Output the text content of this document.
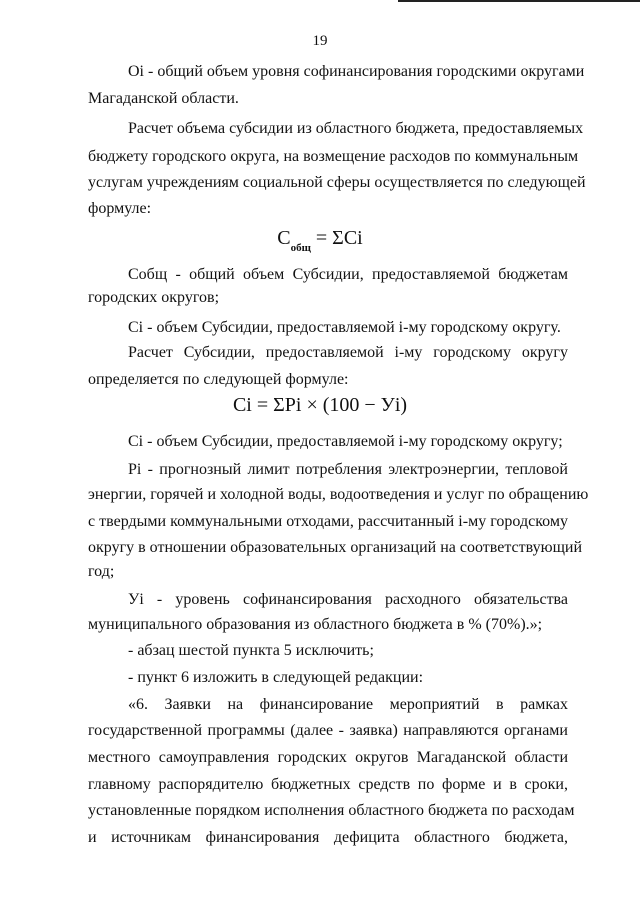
19
Oi - общий объем уровня софинансирования городскими округами
Магаданской области.
Расчет объема субсидии из областного бюджета, предоставляемых
бюджету городского округа, на возмещение расходов по коммунальным
услугам учреждениям социальной сферы осуществляется по следующей
формуле:
$C_{общ} = \Sigma Ci$
Собщ - общий объем Субсидии, предоставляемой бюджетам
городских округов;
Ci - объем Субсидии, предоставляемой i-му городскому округу.
Расчет Субсидии, предоставляемой i-му городскому округу
определяется по следующей формуле:
Ci = ΣPi × (100 − Уi)
Ci - объем Субсидии, предоставляемой i-му городскому округу;
Pi - прогнозный лимит потребления электроэнергии, тепловой
энергии, горячей и холодной воды, водоотведения и услуг по обращению
с твердыми коммунальными отходами, рассчитанный i-му городскому
округу в отношении образовательных организаций на соответствующий
год;
Уi - уровень софинансирования расходного обязательства
муниципального образования из областного бюджета в % (70%).»;
- абзац шестой пункта 5 исключить;
- пункт 6 изложить в следующей редакции:
«6. Заявки на финансирование мероприятий в рамках
государственной программы (далее - заявка) направляются органами
местного самоуправления городских округов Магаданской области
главному распорядителю бюджетных средств по форме и в сроки,
установленные порядком исполнения областного бюджета по расходам
и источникам финансирования дефицита областного бюджета,
